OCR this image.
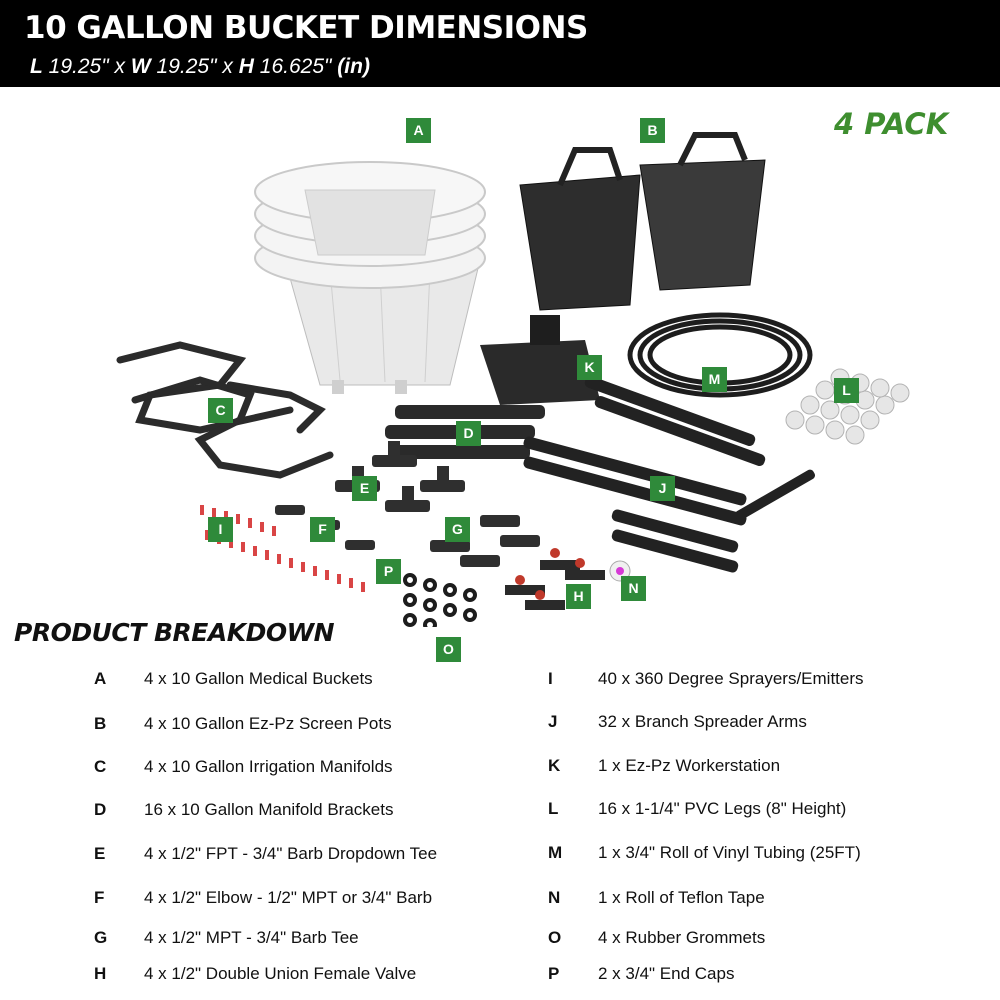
10 GALLON BUCKET DIMENSIONS
L 19.25" x W 19.25" x H 16.625" (in)
4 PACK
A	B
C
D
E
F	G
H
I
J
K
L
M
N
O
P
PRODUCT BREAKDOWN
A	4 x 10 Gallon Medical Buckets
B	4 x 10 Gallon Ez-Pz Screen Pots
C	4 x 10 Gallon Irrigation Manifolds
D	16 x 10 Gallon Manifold Brackets
E	4 x 1/2" FPT - 3/4" Barb Dropdown Tee
F	4 x 1/2" Elbow - 1/2" MPT or 3/4" Barb
G	4 x 1/2" MPT - 3/4" Barb Tee
H	4 x 1/2" Double Union Female Valve
I	40 x 360 Degree Sprayers/Emitters
J	32 x Branch Spreader Arms
K	1 x Ez-Pz Workerstation
L	16 x 1-1/4" PVC Legs (8" Height)
M	1 x 3/4" Roll of Vinyl Tubing (25FT)
N	1 x Roll of Teflon Tape
O	4 x Rubber Grommets
P	2 x 3/4" End Caps
